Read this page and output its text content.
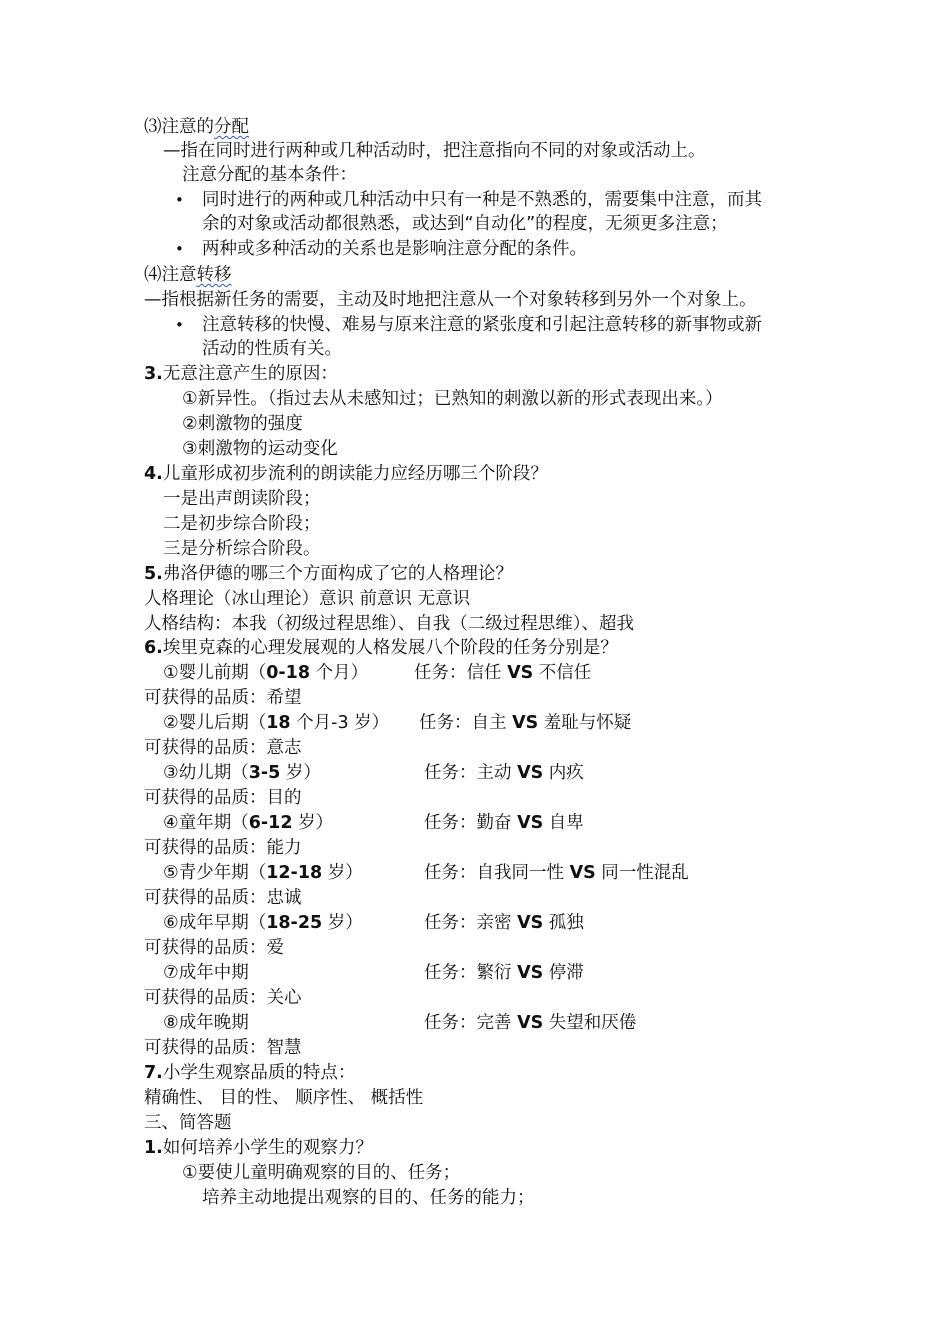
⑶注意的分配
—指在同时进行两种或几种活动时，把注意指向不同的对象或活动上。
注意分配的基本条件：
• 同时进行的两种或几种活动中只有一种是不熟悉的，需要集中注意，而其
余的对象或活动都很熟悉，或达到“自动化”的程度，无须更多注意；
• 两种或多种活动的关系也是影响注意分配的条件。
⑷注意转移
—指根据新任务的需要，主动及时地把注意从一个对象转移到另外一个对象上。
• 注意转移的快慢、难易与原来注意的紧张度和引起注意转移的新事物或新
活动的性质有关。
3.无意注意产生的原因：
①新异性。（指过去从未感知过；已熟知的刺激以新的形式表现出来。）
②刺激物的强度
③刺激物的运动变化
4.儿童形成初步流利的朗读能力应经历哪三个阶段？
一是出声朗读阶段；
二是初步综合阶段；
三是分析综合阶段。
5.弗洛伊德的哪三个方面构成了它的人格理论？
人格理论（冰山理论）意识 前意识 无意识
人格结构：本我（初级过程思维）、自我（二级过程思维）、超我
6.埃里克森的心理发展观的人格发展八个阶段的任务分别是？
①婴儿前期（0-18 个月）	任务：信任 VS 不信任
可获得的品质：希望
②婴儿后期（18 个月-3 岁） 任务：自主 VS 羞耻与怀疑
可获得的品质：意志
③幼儿期（3-5 岁）	任务：主动 VS 内疚
可获得的品质：目的
④童年期（6-12 岁）	任务：勤奋 VS 自卑
可获得的品质：能力
⑤青少年期（12-18 岁）	任务：自我同一性 VS 同一性混乱
可获得的品质：忠诚
⑥成年早期（18-25 岁）	任务：亲密 VS 孤独
可获得的品质：爱
⑦成年中期	任务：繁衍 VS 停滞
可获得的品质：关心
⑧成年晚期	任务：完善 VS 失望和厌倦
可获得的品质：智慧
7.小学生观察品质的特点：
精确性、 目的性、 顺序性、 概括性
三、简答题
1.如何培养小学生的观察力？
①要使儿童明确观察的目的、任务；
培养主动地提出观察的目的、任务的能力；
